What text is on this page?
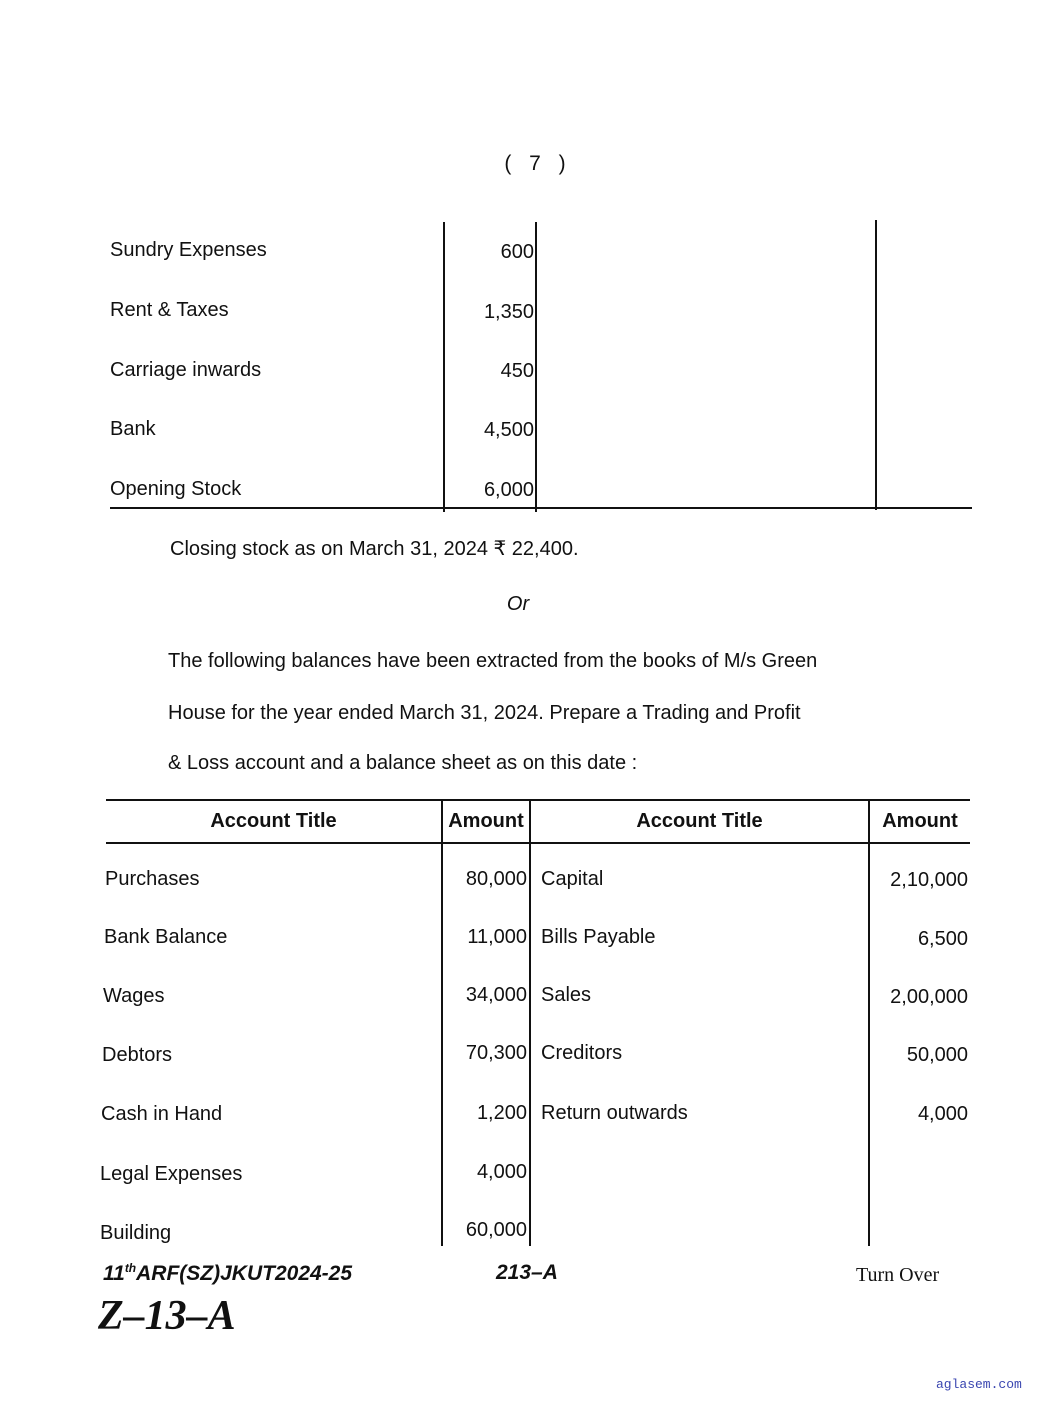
( 7 )
Sundry Expenses	600
Rent & Taxes	1,350
Carriage inwards	450
Bank	4,500
Opening Stock	6,000
Closing stock as on March 31, 2024 ₹ 22,400.
Or
The following balances have been extracted from the books of M/s Green
House for the year ended March 31, 2024. Prepare a Trading and Profit
& Loss account and a balance sheet as on this date :
Account Title	Amount	Account Title	Amount
Purchases	80,000 Capital	2,10,000
Bank Balance	11,000 Bills Payable	6,500
Wages	34,000 Sales	2,00,000
Debtors	70,300 Creditors	50,000
Cash in Hand	1,200 Return outwards	4,000
Legal Expenses	4,000
Building	60,000
11thARF(SZ)JKUT2024-25	213–A	Turn Over
Z–13–A
aglasem.com
